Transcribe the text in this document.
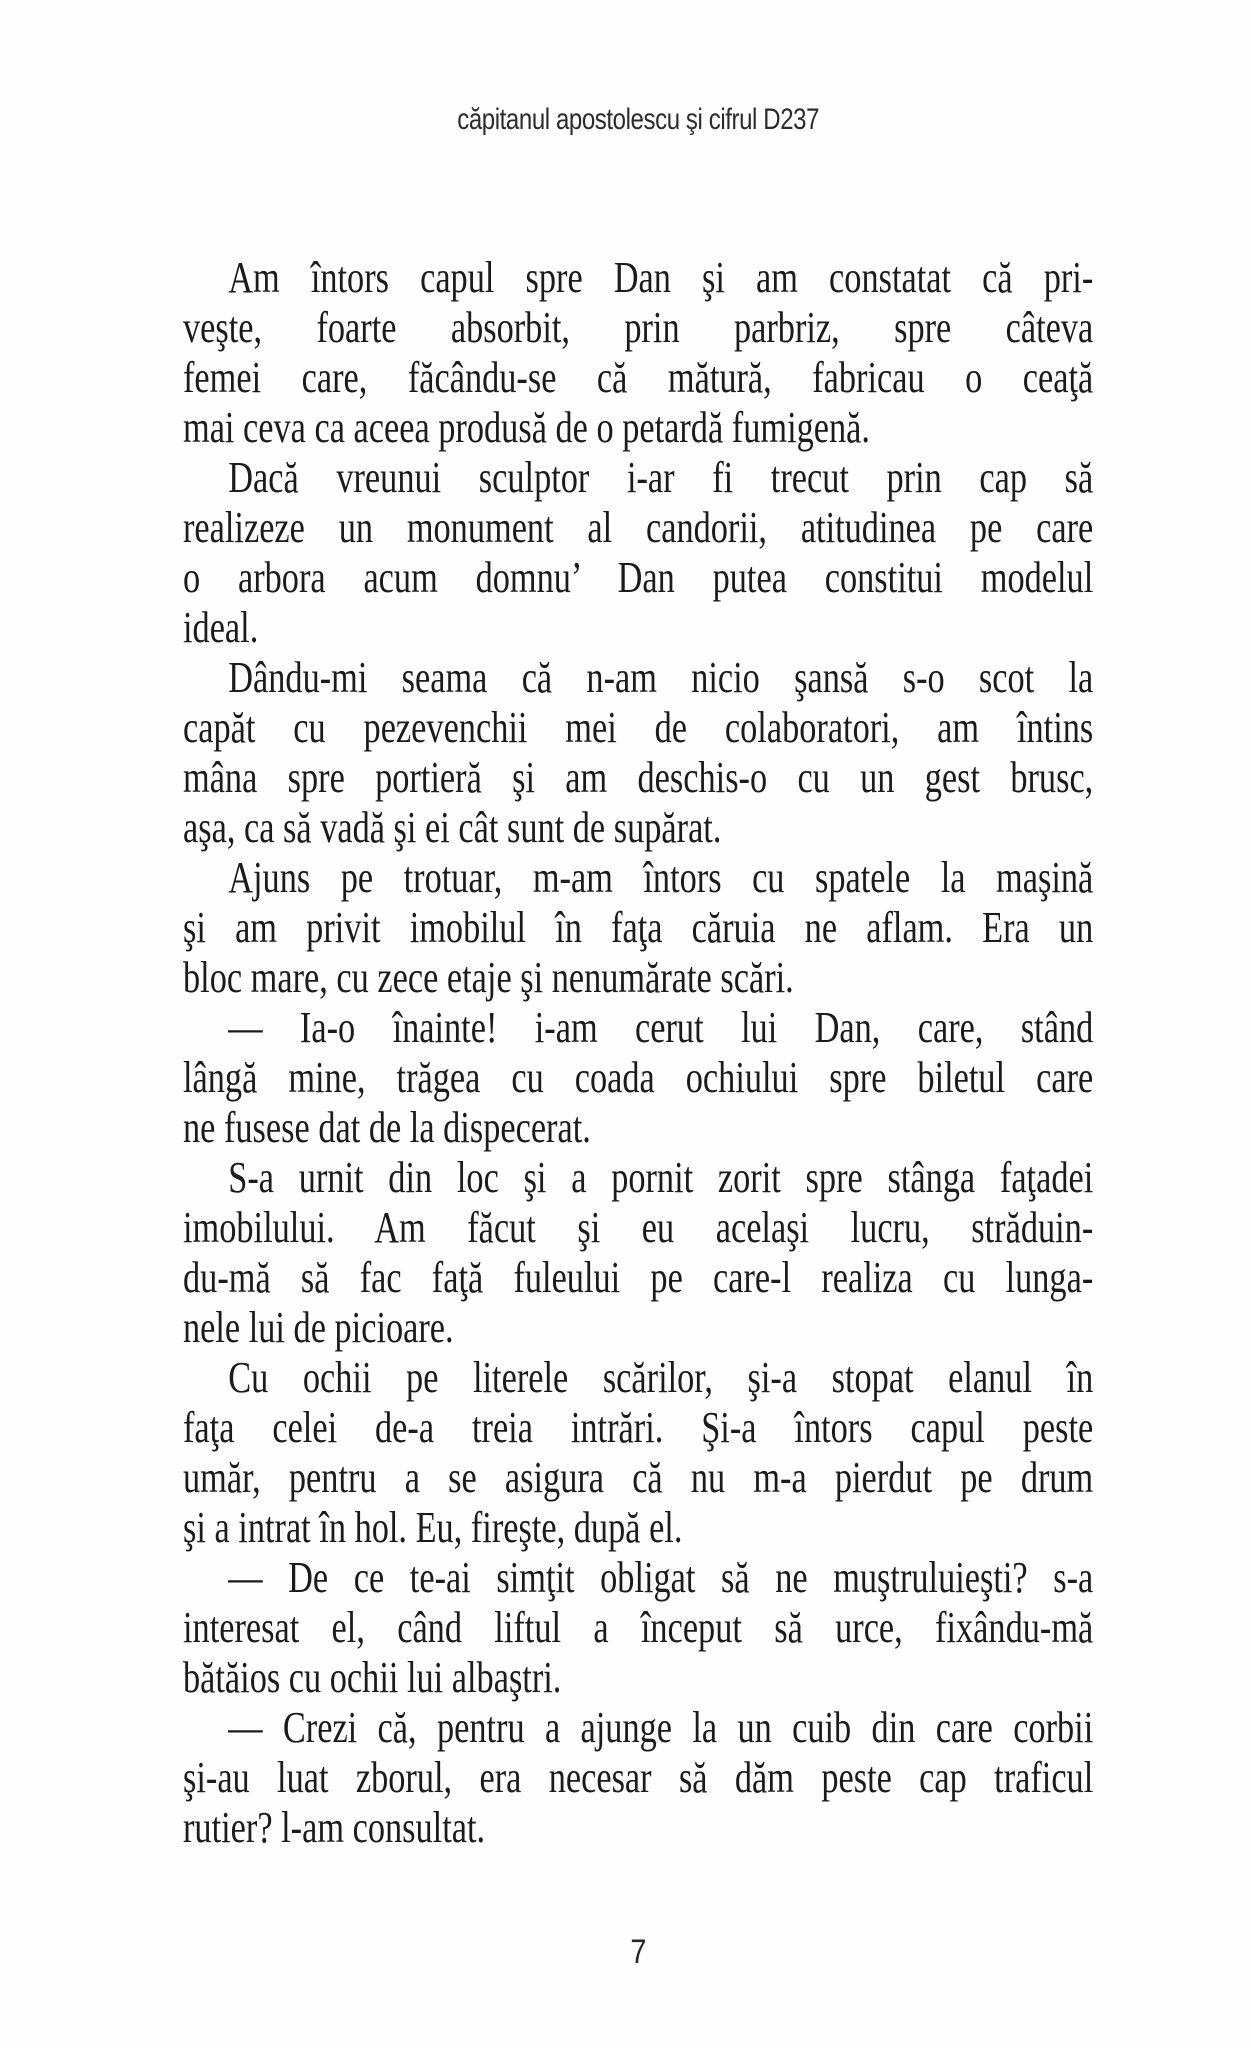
căpitanul apostolescu şi cifrul D237
Am întors capul spre Dan şi am constatat că pri-
veşte, foarte absorbit, prin parbriz, spre câteva
femei care, făcându-se că mătură, fabricau o ceaţă
mai ceva ca aceea produsă de o petardă fumigenă.
Dacă vreunui sculptor i-ar fi trecut prin cap să
realizeze un monument al candorii, atitudinea pe care
o arbora acum domnu’ Dan putea constitui modelul
ideal.
Dându-mi seama că n-am nicio şansă s-o scot la
capăt cu pezevenchii mei de colaboratori, am întins
mâna spre portieră şi am deschis-o cu un gest brusc,
aşa, ca să vadă şi ei cât sunt de supărat.
Ajuns pe trotuar, m-am întors cu spatele la maşină
şi am privit imobilul în faţa căruia ne aflam. Era un
bloc mare, cu zece etaje şi nenumărate scări.
— Ia-o înainte! i-am cerut lui Dan, care, stând
lângă mine, trăgea cu coada ochiului spre biletul care
ne fusese dat de la dispecerat.
S-a urnit din loc şi a pornit zorit spre stânga faţadei
imobilului. Am făcut şi eu acelaşi lucru, străduin-
du-mă să fac faţă fuleului pe care-l realiza cu lunga-
nele lui de picioare.
Cu ochii pe literele scărilor, şi-a stopat elanul în
faţa celei de-a treia intrări. Şi-a întors capul peste
umăr, pentru a se asigura că nu m-a pierdut pe drum
şi a intrat în hol. Eu, fireşte, după el.
— De ce te-ai simţit obligat să ne muştruluieşti? s-a
interesat el, când liftul a început să urce, fixându-mă
bătăios cu ochii lui albaştri.
— Crezi că, pentru a ajunge la un cuib din care corbii
şi-au luat zborul, era necesar să dăm peste cap traficul
rutier? l-am consultat.
7
